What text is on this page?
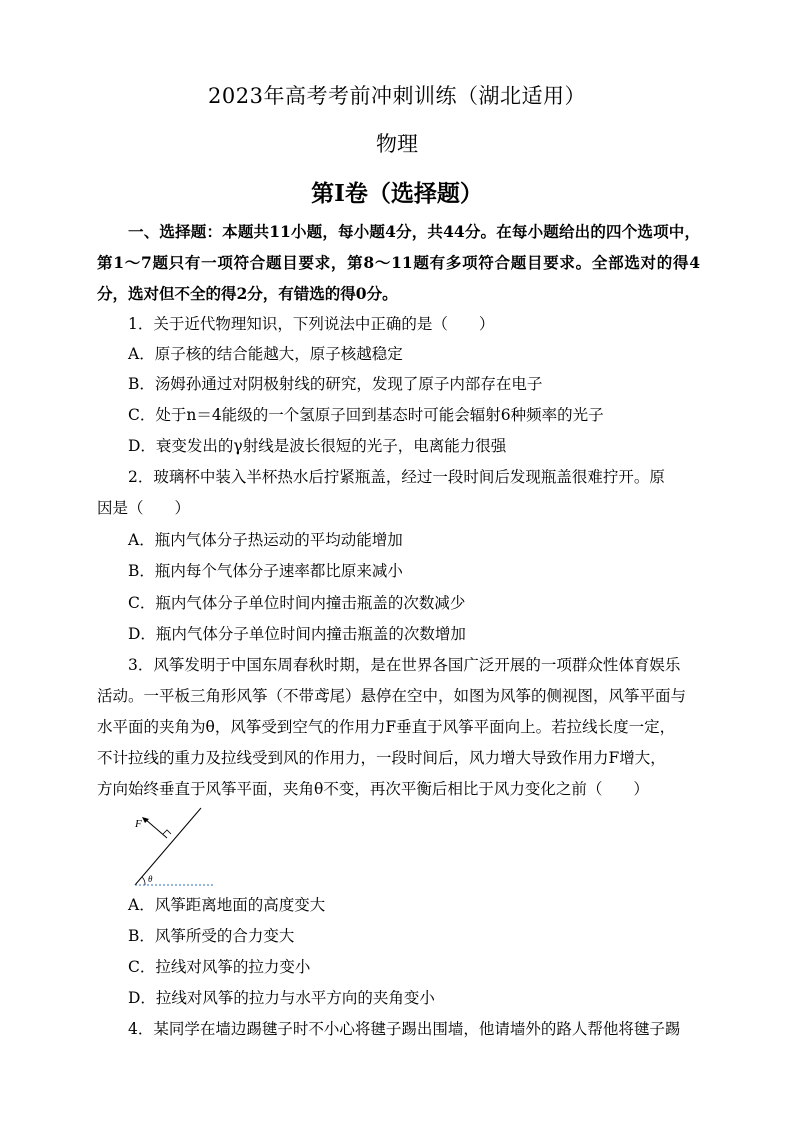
2023年高考考前冲刺训练（湖北适用）
物理
第Ⅰ卷（选择题）

一、选择题：本题共11小题，每小题4分，共44分。在每小题给出的四个选项中，第1～7题只有一项符合题目要求，第8～11题有多项符合题目要求。全部选对的得4分，选对但不全的得2分，有错选的得0分。

1．关于近代物理知识，下列说法中正确的是（　　）
A．原子核的结合能越大，原子核越稳定
B．汤姆孙通过对阴极射线的研究，发现了原子内部存在电子
C．处于n＝4能级的一个氢原子回到基态时可能会辐射6种频率的光子
D．衰变发出的γ射线是波长很短的光子，电离能力很强
2．玻璃杯中装入半杯热水后拧紧瓶盖，经过一段时间后发现瓶盖很难拧开。原
因是（　　）
A．瓶内气体分子热运动的平均动能增加
B．瓶内每个气体分子速率都比原来减小
C．瓶内气体分子单位时间内撞击瓶盖的次数减少
D．瓶内气体分子单位时间内撞击瓶盖的次数增加
3．风筝发明于中国东周春秋时期，是在世界各国广泛开展的一项群众性体育娱乐
活动。一平板三角形风筝（不带鸢尾）悬停在空中，如图为风筝的侧视图，风筝平面与
水平面的夹角为θ，风筝受到空气的作用力F垂直于风筝平面向上。若拉线长度一定，
不计拉线的重力及拉线受到风的作用力，一段时间后，风力增大导致作用力F增大，
方向始终垂直于风筝平面，夹角θ不变，再次平衡后相比于风力变化之前（　　）
F
θ
A．风筝距离地面的高度变大
B．风筝所受的合力变大
C．拉线对风筝的拉力变小
D．拉线对风筝的拉力与水平方向的夹角变小
4．某同学在墙边踢毽子时不小心将毽子踢出围墙，他请墙外的路人帮他将毽子踢
